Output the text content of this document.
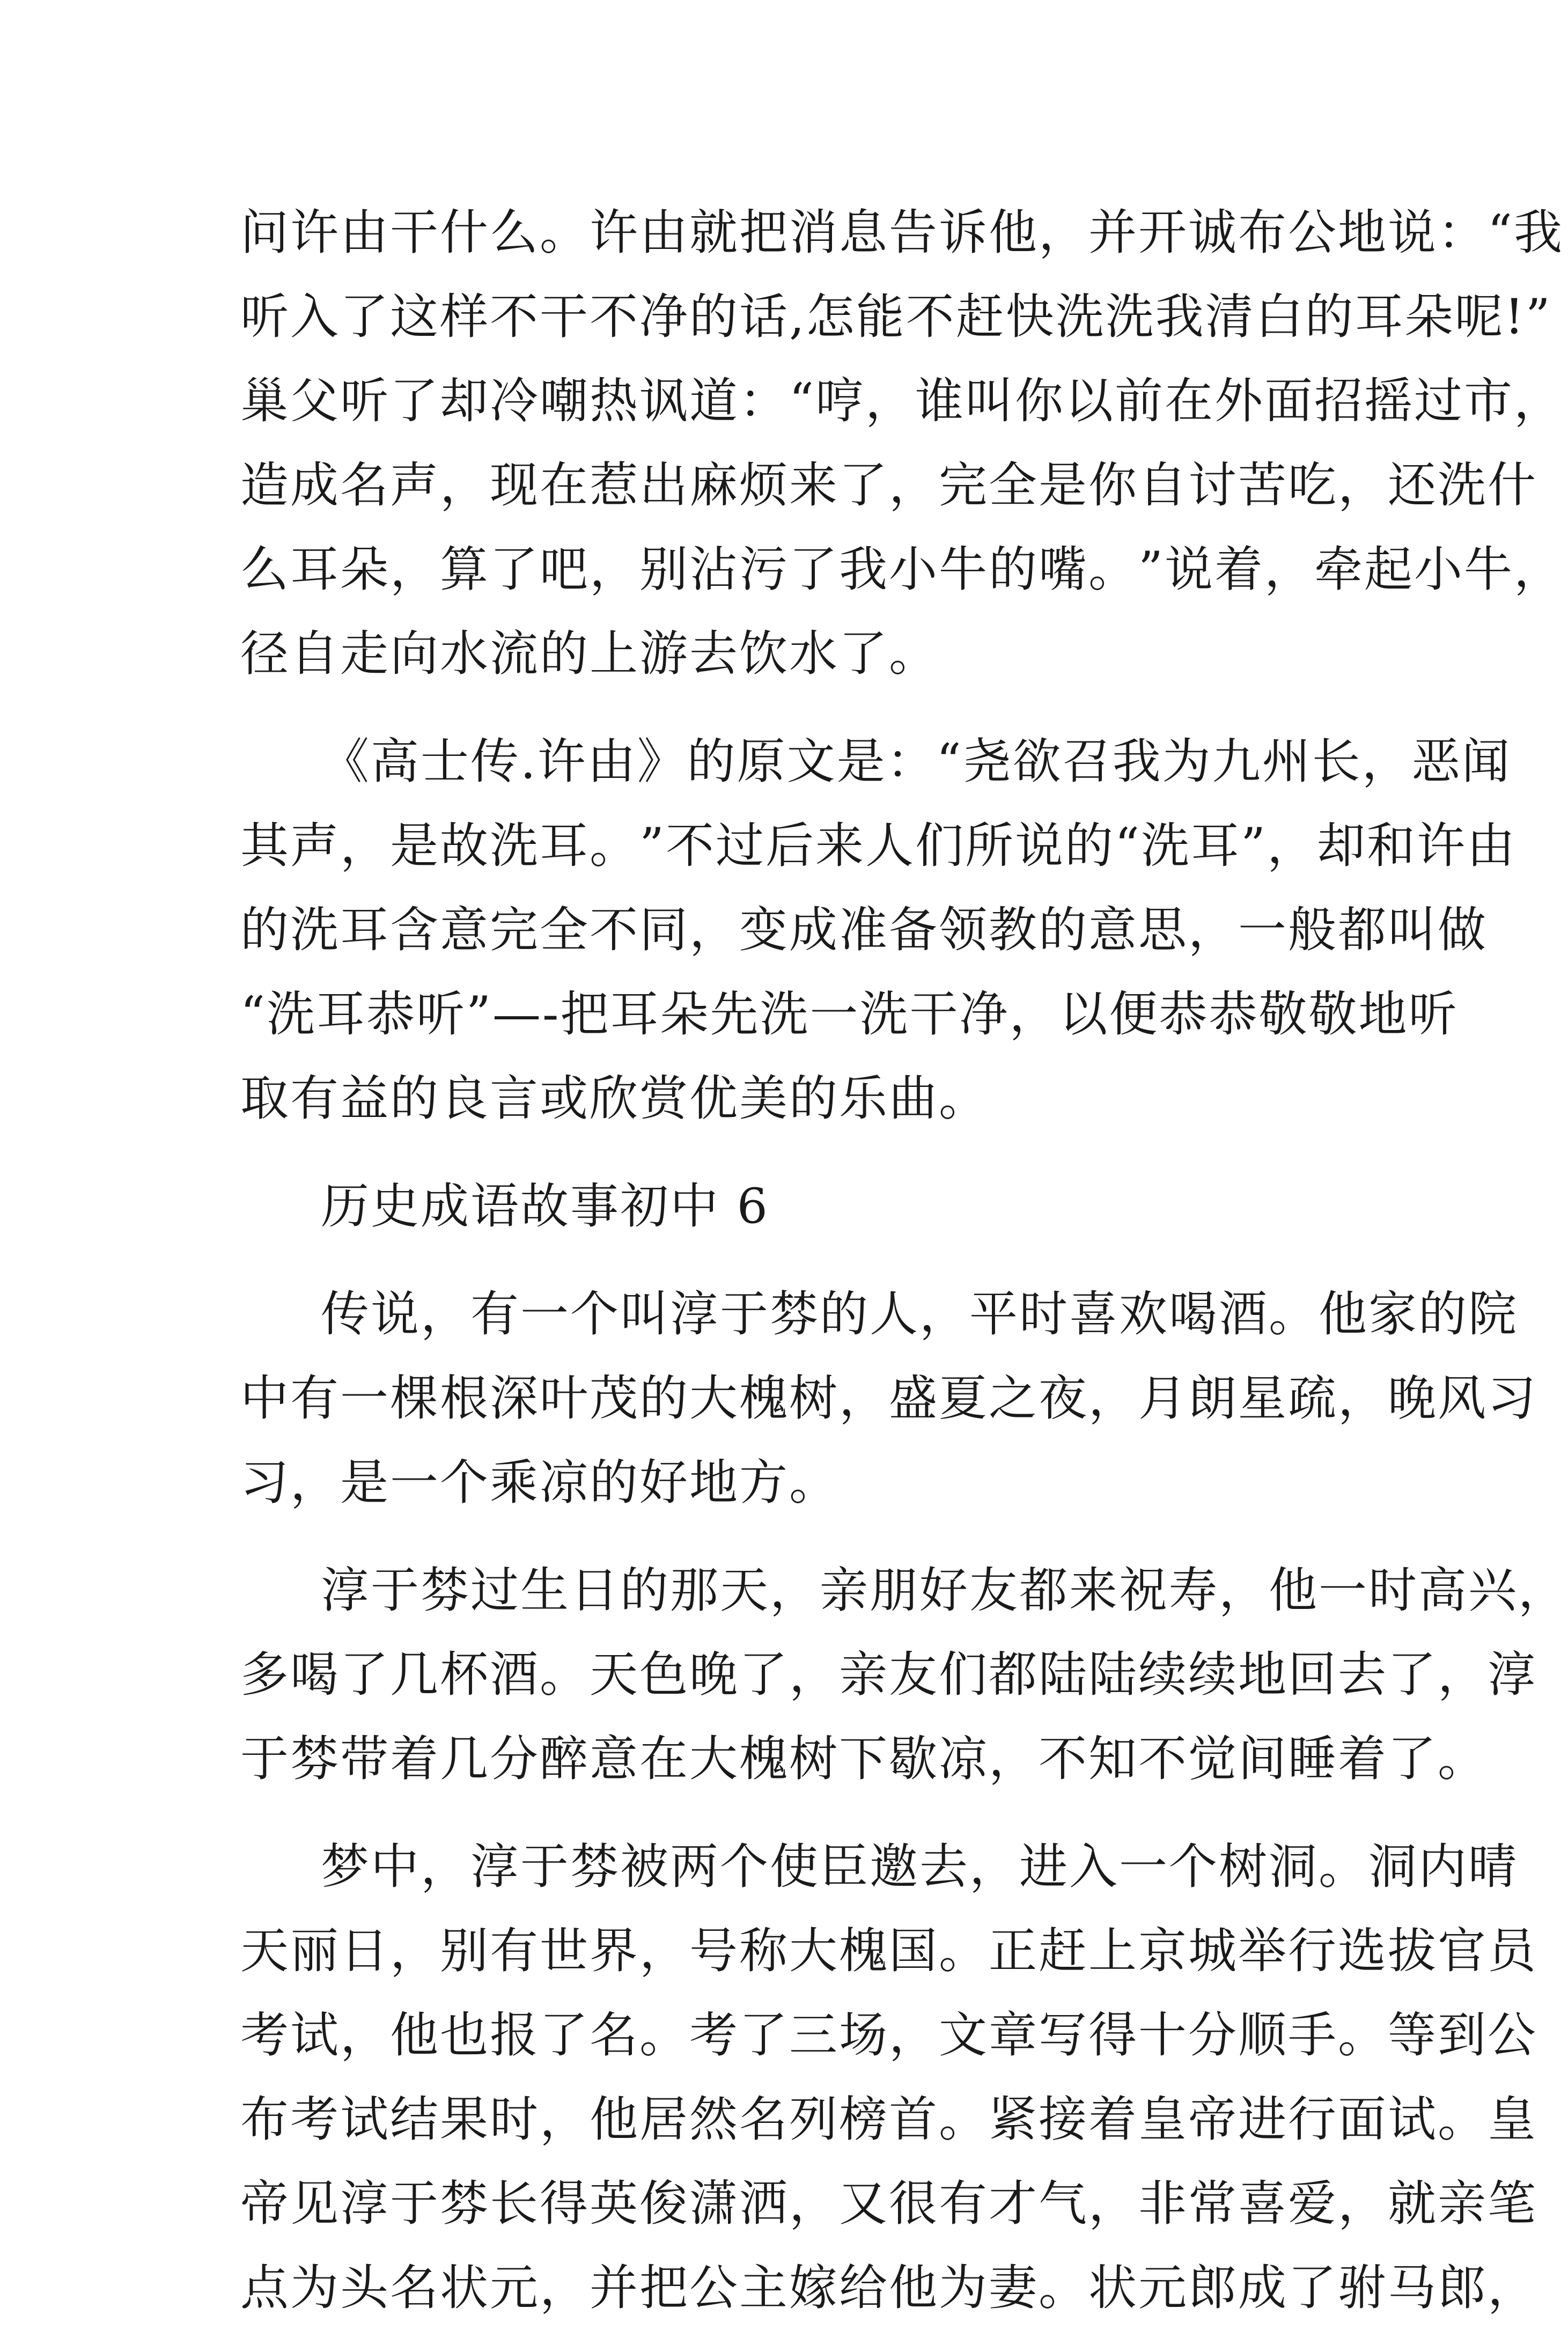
问 许 由 干 什 么 。 许 由 就 把 消 息 告 诉 他 ， 并 开 诚 布 公 地 说 ： “ 我
听 入 了 这 样 不 干 不 净 的 话 , 怎 能 不 赶 快 洗 洗 我 清 白 的 耳 朵 呢 ! ”
巢 父 听 了 却 冷 嘲 热 讽 道 ： “ 哼 ， 谁 叫 你 以 前 在 外 面 招 摇 过 市 ，
造 成 名 声 ， 现 在 惹 出 麻 烦 来 了 ， 完 全 是 你 自 讨 苦 吃 ， 还 洗 什
么 耳 朵 ， 算 了 吧 ， 别 沾 污 了 我 小 牛 的 嘴 。 ” 说 着 ， 牵 起 小 牛 ，
径自走向水流的上游去饮水了。
《 高 士 传 . 许 由 》 的 原 文 是 ： “ 尧 欲 召 我 为 九 州 长 ， 恶 闻
其 声 ， 是 故 洗 耳 。 ” 不 过 后 来 人 们 所 说 的 “ 洗 耳 ” ， 却 和 许 由
的 洗 耳 含 意 完 全 不 同 ， 变 成 准 备 领 教 的 意 思 ， 一 般 都 叫 做
“ 洗 耳 恭 听 ” — - 把 耳 朵 先 洗 一 洗 干 净 ， 以 便 恭 恭 敬 敬 地 听
取有益的良言或欣赏优美的乐曲。
历史成语故事初中 6
传 说 ， 有 一 个 叫 淳 于 棼 的 人 ， 平 时 喜 欢 喝 酒 。 他 家 的 院
中 有 一 棵 根 深 叶 茂 的 大 槐 树 ， 盛 夏 之 夜 ， 月 朗 星 疏 ， 晚 风 习
习，是一个乘凉的好地方。
淳 于 棼 过 生 日 的 那 天 ， 亲 朋 好 友 都 来 祝 寿 ， 他 一 时 高 兴 ，
多 喝 了 几 杯 酒 。 天 色 晚 了 ， 亲 友 们 都 陆 陆 续 续 地 回 去 了 ， 淳
于棼带着几分醉意在大槐树下歇凉，不知不觉间睡着了。
梦 中 ， 淳 于 棼 被 两 个 使 臣 邀 去 ， 进 入 一 个 树 洞 。 洞 内 晴
天 丽 日 ， 别 有 世 界 ， 号 称 大 槐 国 。 正 赶 上 京 城 举 行 选 拔 官 员
考 试 ， 他 也 报 了 名 。 考 了 三 场 ， 文 章 写 得 十 分 顺 手 。 等 到 公
布 考 试 结 果 时 ， 他 居 然 名 列 榜 首 。 紧 接 着 皇 帝 进 行 面 试 。 皇
帝 见 淳 于 棼 长 得 英 俊 潇 洒 ， 又 很 有 才 气 ， 非 常 喜 爱 ， 就 亲 笔
点 为 头 名 状 元 ， 并 把 公 主 嫁 给 他 为 妻 。 状 元 郎 成 了 驸 马 郎 ，
